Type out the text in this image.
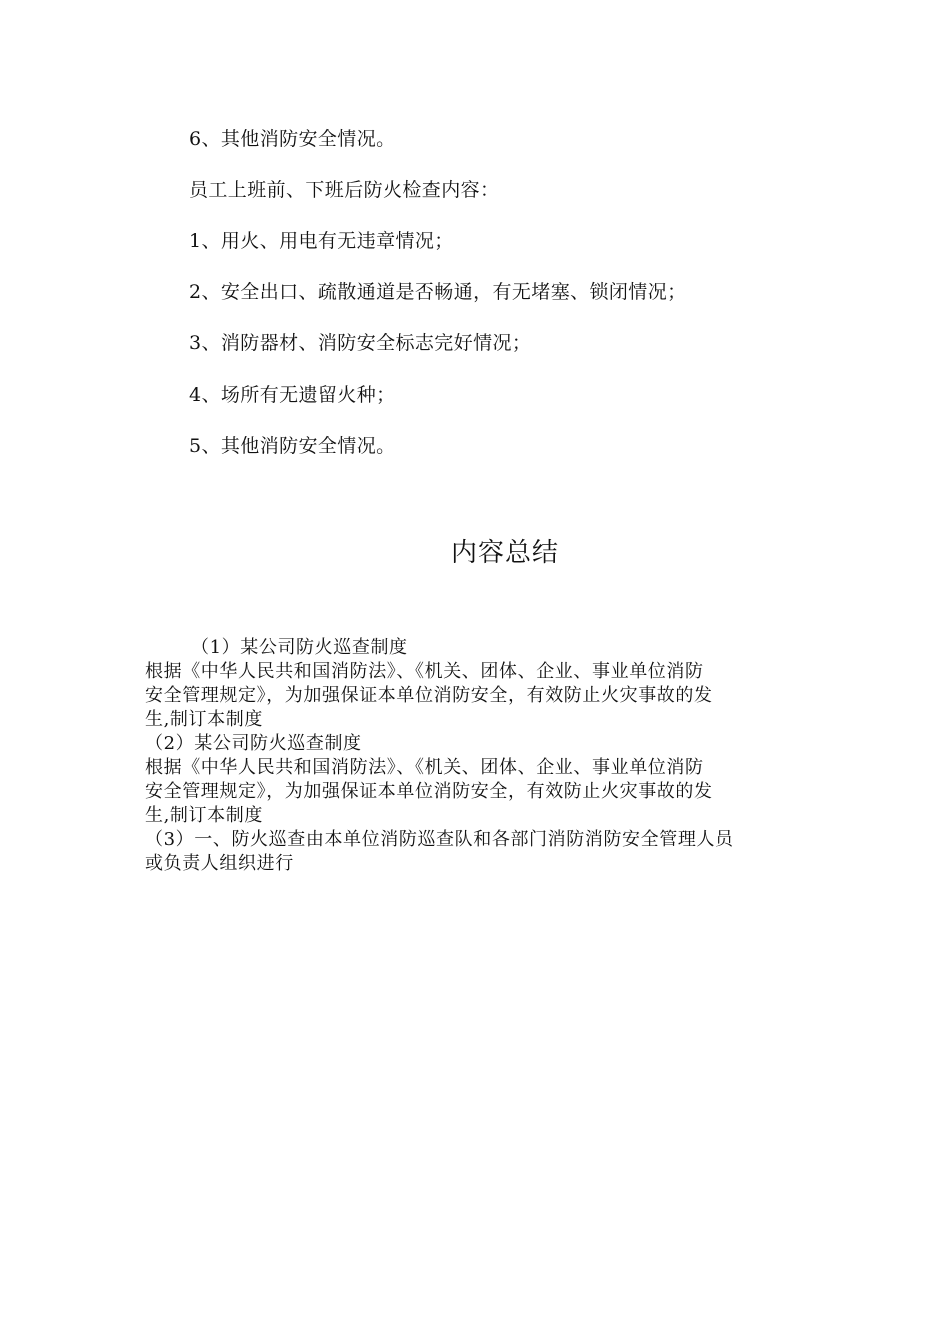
6、其他消防安全情况。
员工上班前、下班后防火检查内容：
1、用火、用电有无违章情况；
2、安全出口、疏散通道是否畅通，有无堵塞、锁闭情况；
3、消防器材、消防安全标志完好情况；
4、场所有无遗留火种；
5、其他消防安全情况。
内容总结
（1）某公司防火巡查制度
根据《中华人民共和国消防法》、《机关、团体、企业、事业单位消防
安全管理规定》，为加强保证本单位消防安全，有效防止火灾事故的发
生,制订本制度
（2）某公司防火巡查制度
根据《中华人民共和国消防法》、《机关、团体、企业、事业单位消防
安全管理规定》，为加强保证本单位消防安全，有效防止火灾事故的发
生,制订本制度
（3）一、防火巡查由本单位消防巡查队和各部门消防消防安全管理人员
或负责人组织进行
